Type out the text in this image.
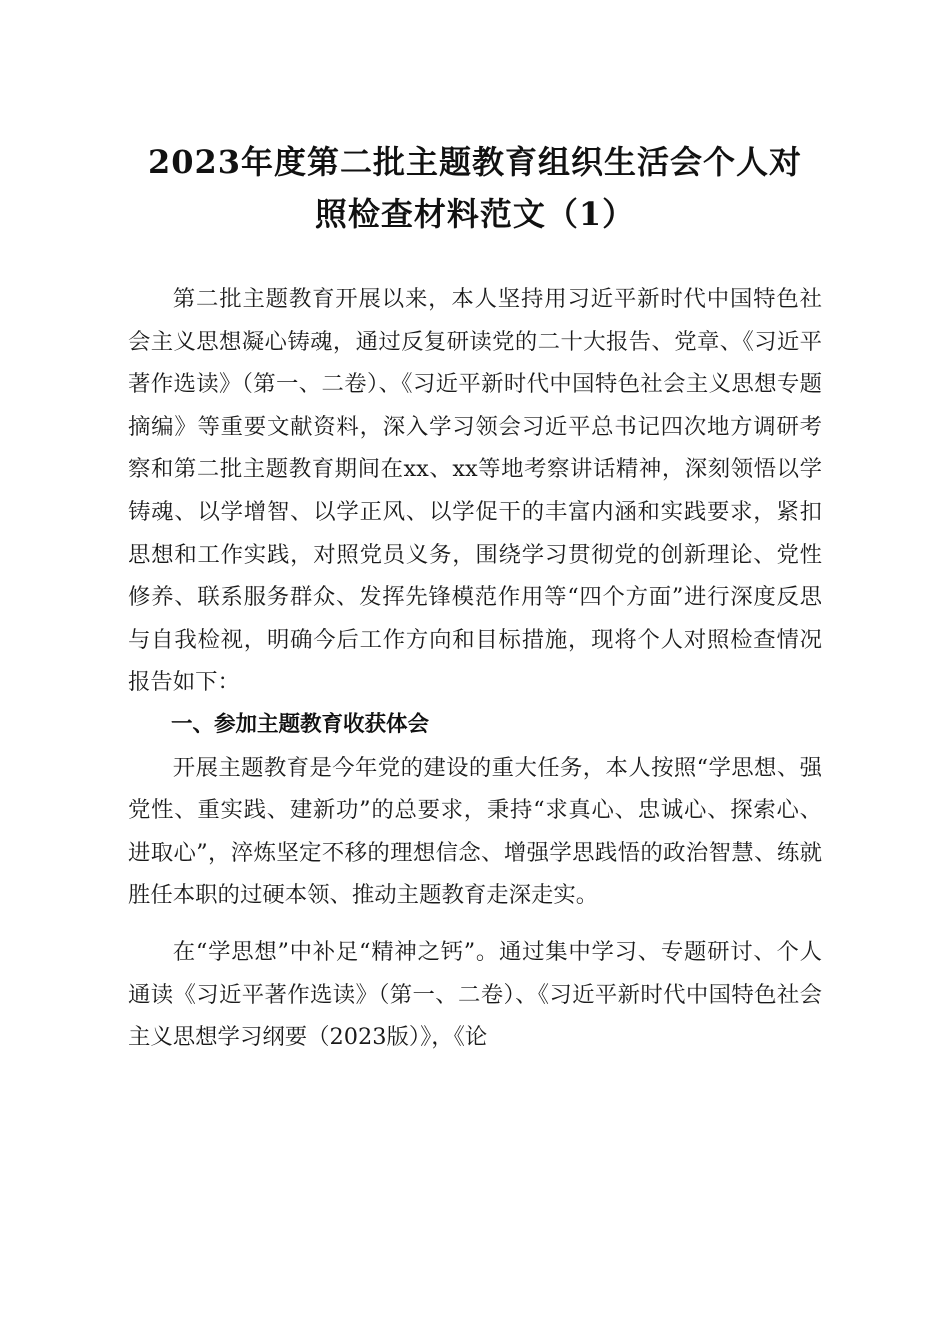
2023年度第二批主题教育组织生活会个人对
照检查材料范文（1）

第二批主题教育开展以来，本人坚持用习近平新时代中国特色社会主义思想凝心铸魂，通过反复研读党的二十大报告、党章、《习近平著作选读》（第一、二卷）、《习近平新时代中国特色社会主义思想专题摘编》等重要文献资料，深入学习领会习近平总书记四次地方调研考察和第二批主题教育期间在xx、xx等地考察讲话精神，深刻领悟以学铸魂、以学增智、以学正风、以学促干的丰富内涵和实践要求，紧扣思想和工作实践，对照党员义务，围绕学习贯彻党的创新理论、党性修养、联系服务群众、发挥先锋模范作用等“四个方面”进行深度反思与自我检视，明确今后工作方向和目标措施，现将个人对照检查情况报告如下：

一、参加主题教育收获体会

开展主题教育是今年党的建设的重大任务，本人按照“学思想、强党性、重实践、建新功”的总要求，秉持“求真心、忠诚心、探索心、进取心”，淬炼坚定不移的理想信念、增强学思践悟的政治智慧、练就胜任本职的过硬本领、推动主题教育走深走实。

在“学思想”中补足“精神之钙”。通过集中学习、专题研讨、个人通读《习近平著作选读》（第一、二卷）、《习近平新时代中国特色社会主义思想学习纲要（2023版）》，《论
